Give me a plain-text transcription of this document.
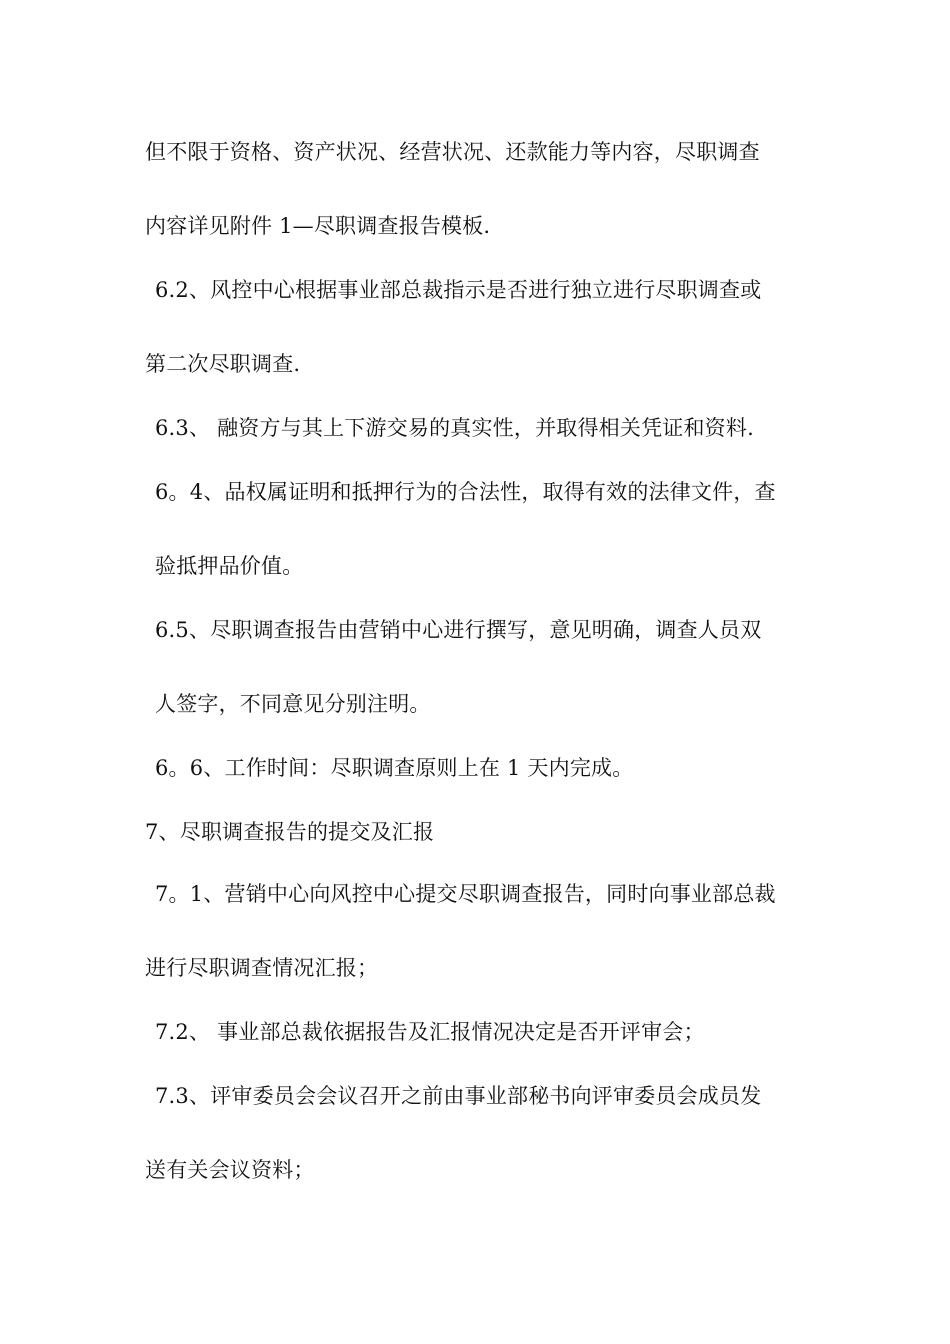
但不限于资格、资产状况、经营状况、还款能力等内容，尽职调查
内容详见附件 1—尽职调查报告模板.
6.2、风控中心根据事业部总裁指示是否进行独立进行尽职调查或
第二次尽职调查.
6.3、 融资方与其上下游交易的真实性，并取得相关凭证和资料.
6。4、品权属证明和抵押行为的合法性，取得有效的法律文件，查
验抵押品价值。
6.5、尽职调查报告由营销中心进行撰写，意见明确，调查人员双
人签字，不同意见分别注明。
6。6、工作时间：尽职调查原则上在 1 天内完成。
7、尽职调查报告的提交及汇报
7。1、营销中心向风控中心提交尽职调查报告，同时向事业部总裁
进行尽职调查情况汇报；
7.2、 事业部总裁依据报告及汇报情况决定是否开评审会；
7.3、评审委员会会议召开之前由事业部秘书向评审委员会成员发
送有关会议资料；
